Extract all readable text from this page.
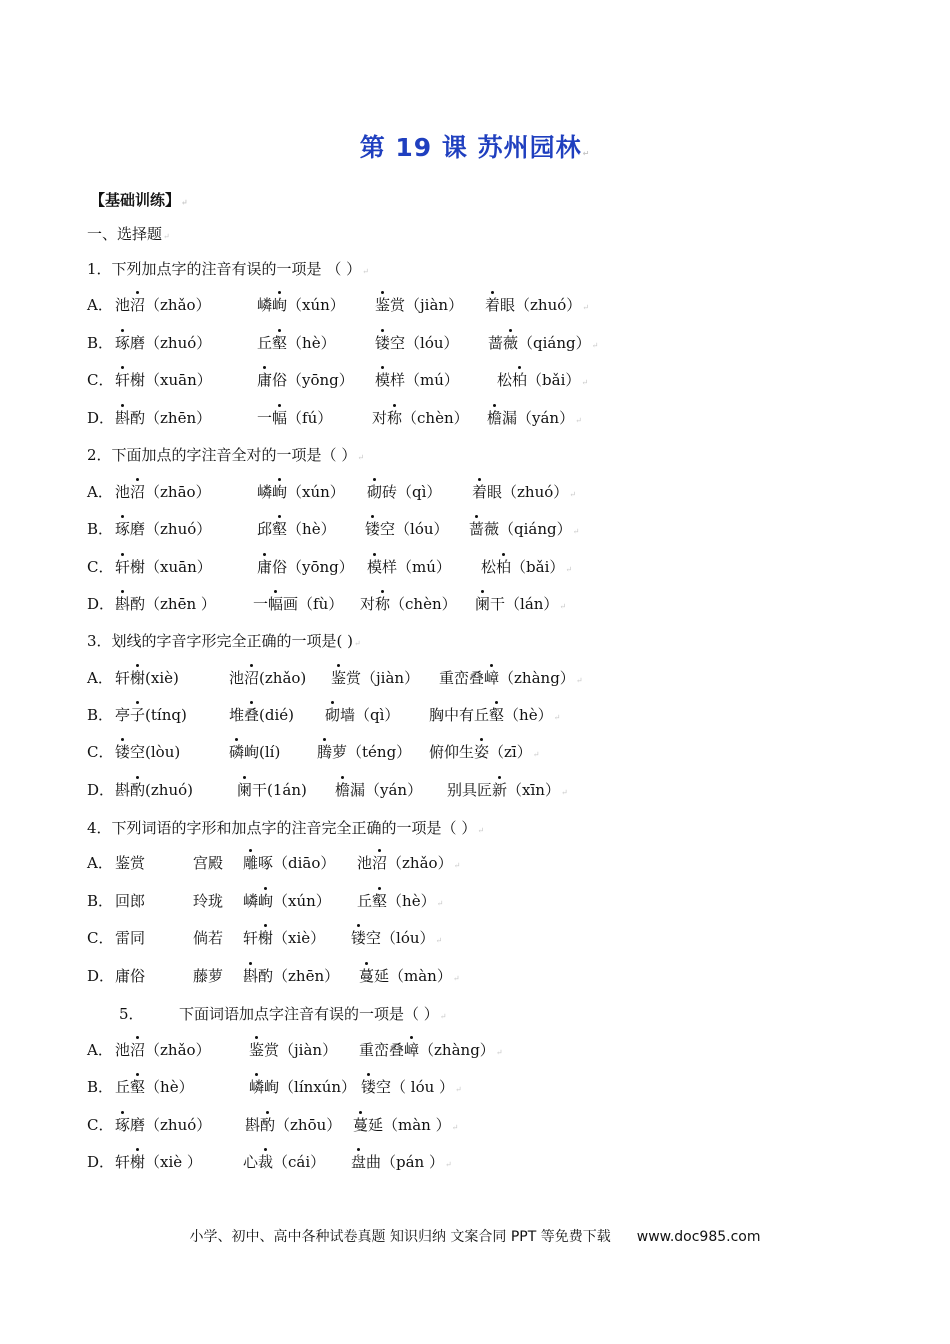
第 19 课 苏州园林↵
【基础训练】↵
一、选择题↵
1．下列加点字的注音有误的一项是 （ ）↵
A． 池沼（zhǎo）	嶙峋（xún） 鉴赏（jiàn） 着眼（zhuó）↵
B． 琢磨（zhuó）	丘壑（hè）	镂空（lóu） 蔷薇（qiáng）↵
C． 轩榭（xuān）	庸俗（yōng） 模样（mú）	松柏（bǎi）↵
D． 斟酌（zhēn）	一幅（fú）	对称（chèn） 檐漏（yán）↵
2．下面加点的字注音全对的一项是（ ）↵
A． 池沼（zhāo）	嶙峋（xún） 砌砖（qì） 着眼（zhuó）↵
B． 琢磨（zhuó）	邱壑（hè） 镂空（lóu） 蔷薇（qiáng）↵
C． 轩榭（xuān）	庸俗（yōng） 模样（mú） 松柏（bǎi）↵
D． 斟酌（zhēn ） 一幅画（fù） 对称（chèn） 阑干（lán）↵
3．划线的字音字形完全正确的一项是( )↵
A． 轩榭(xiè)	池沼(zhǎo) 鉴赏（jiàn） 重峦叠嶂（zhàng）↵
B． 亭子(tínq)	堆叠(dié) 砌墙（qì） 胸中有丘壑（hè）↵
C． 镂空(lòu)	磷峋(lí) 腾萝（téng） 俯仰生姿（zī）↵
D． 斟酌(zhuó)	阑干(1án) 檐漏（yán） 别具匠新（xīn）↵
4．下列词语的字形和加点字的注音完全正确的一项是（ ）↵
A． 鉴赏	宫殿 雕啄（diāo） 池沼（zhǎo）↵
B． 回郎	玲珑 嶙峋（xún） 丘壑（hè）↵
C． 雷同	倘若 轩榭（xiè） 镂空（lóu）↵
D． 庸俗	藤萝 斟酌（zhēn） 蔓延（màn）↵
5． 下面词语加点字注音有误的一项是（ ）↵
A． 池沼（zhǎo）	鉴赏（jiàn） 重峦叠嶂（zhàng）↵
B． 丘壑（hè）	嶙峋（línxún） 镂空（ lóu ）↵
C． 琢磨（zhuó） 斟酌（zhōu） 蔓延（màn ）↵
D． 轩榭（xiè ）	心裁（cái） 盘曲（pán ）↵
小学、初中、高中各种试卷真题 知识归纳 文案合同 PPT 等免费下载 www.doc985.com
